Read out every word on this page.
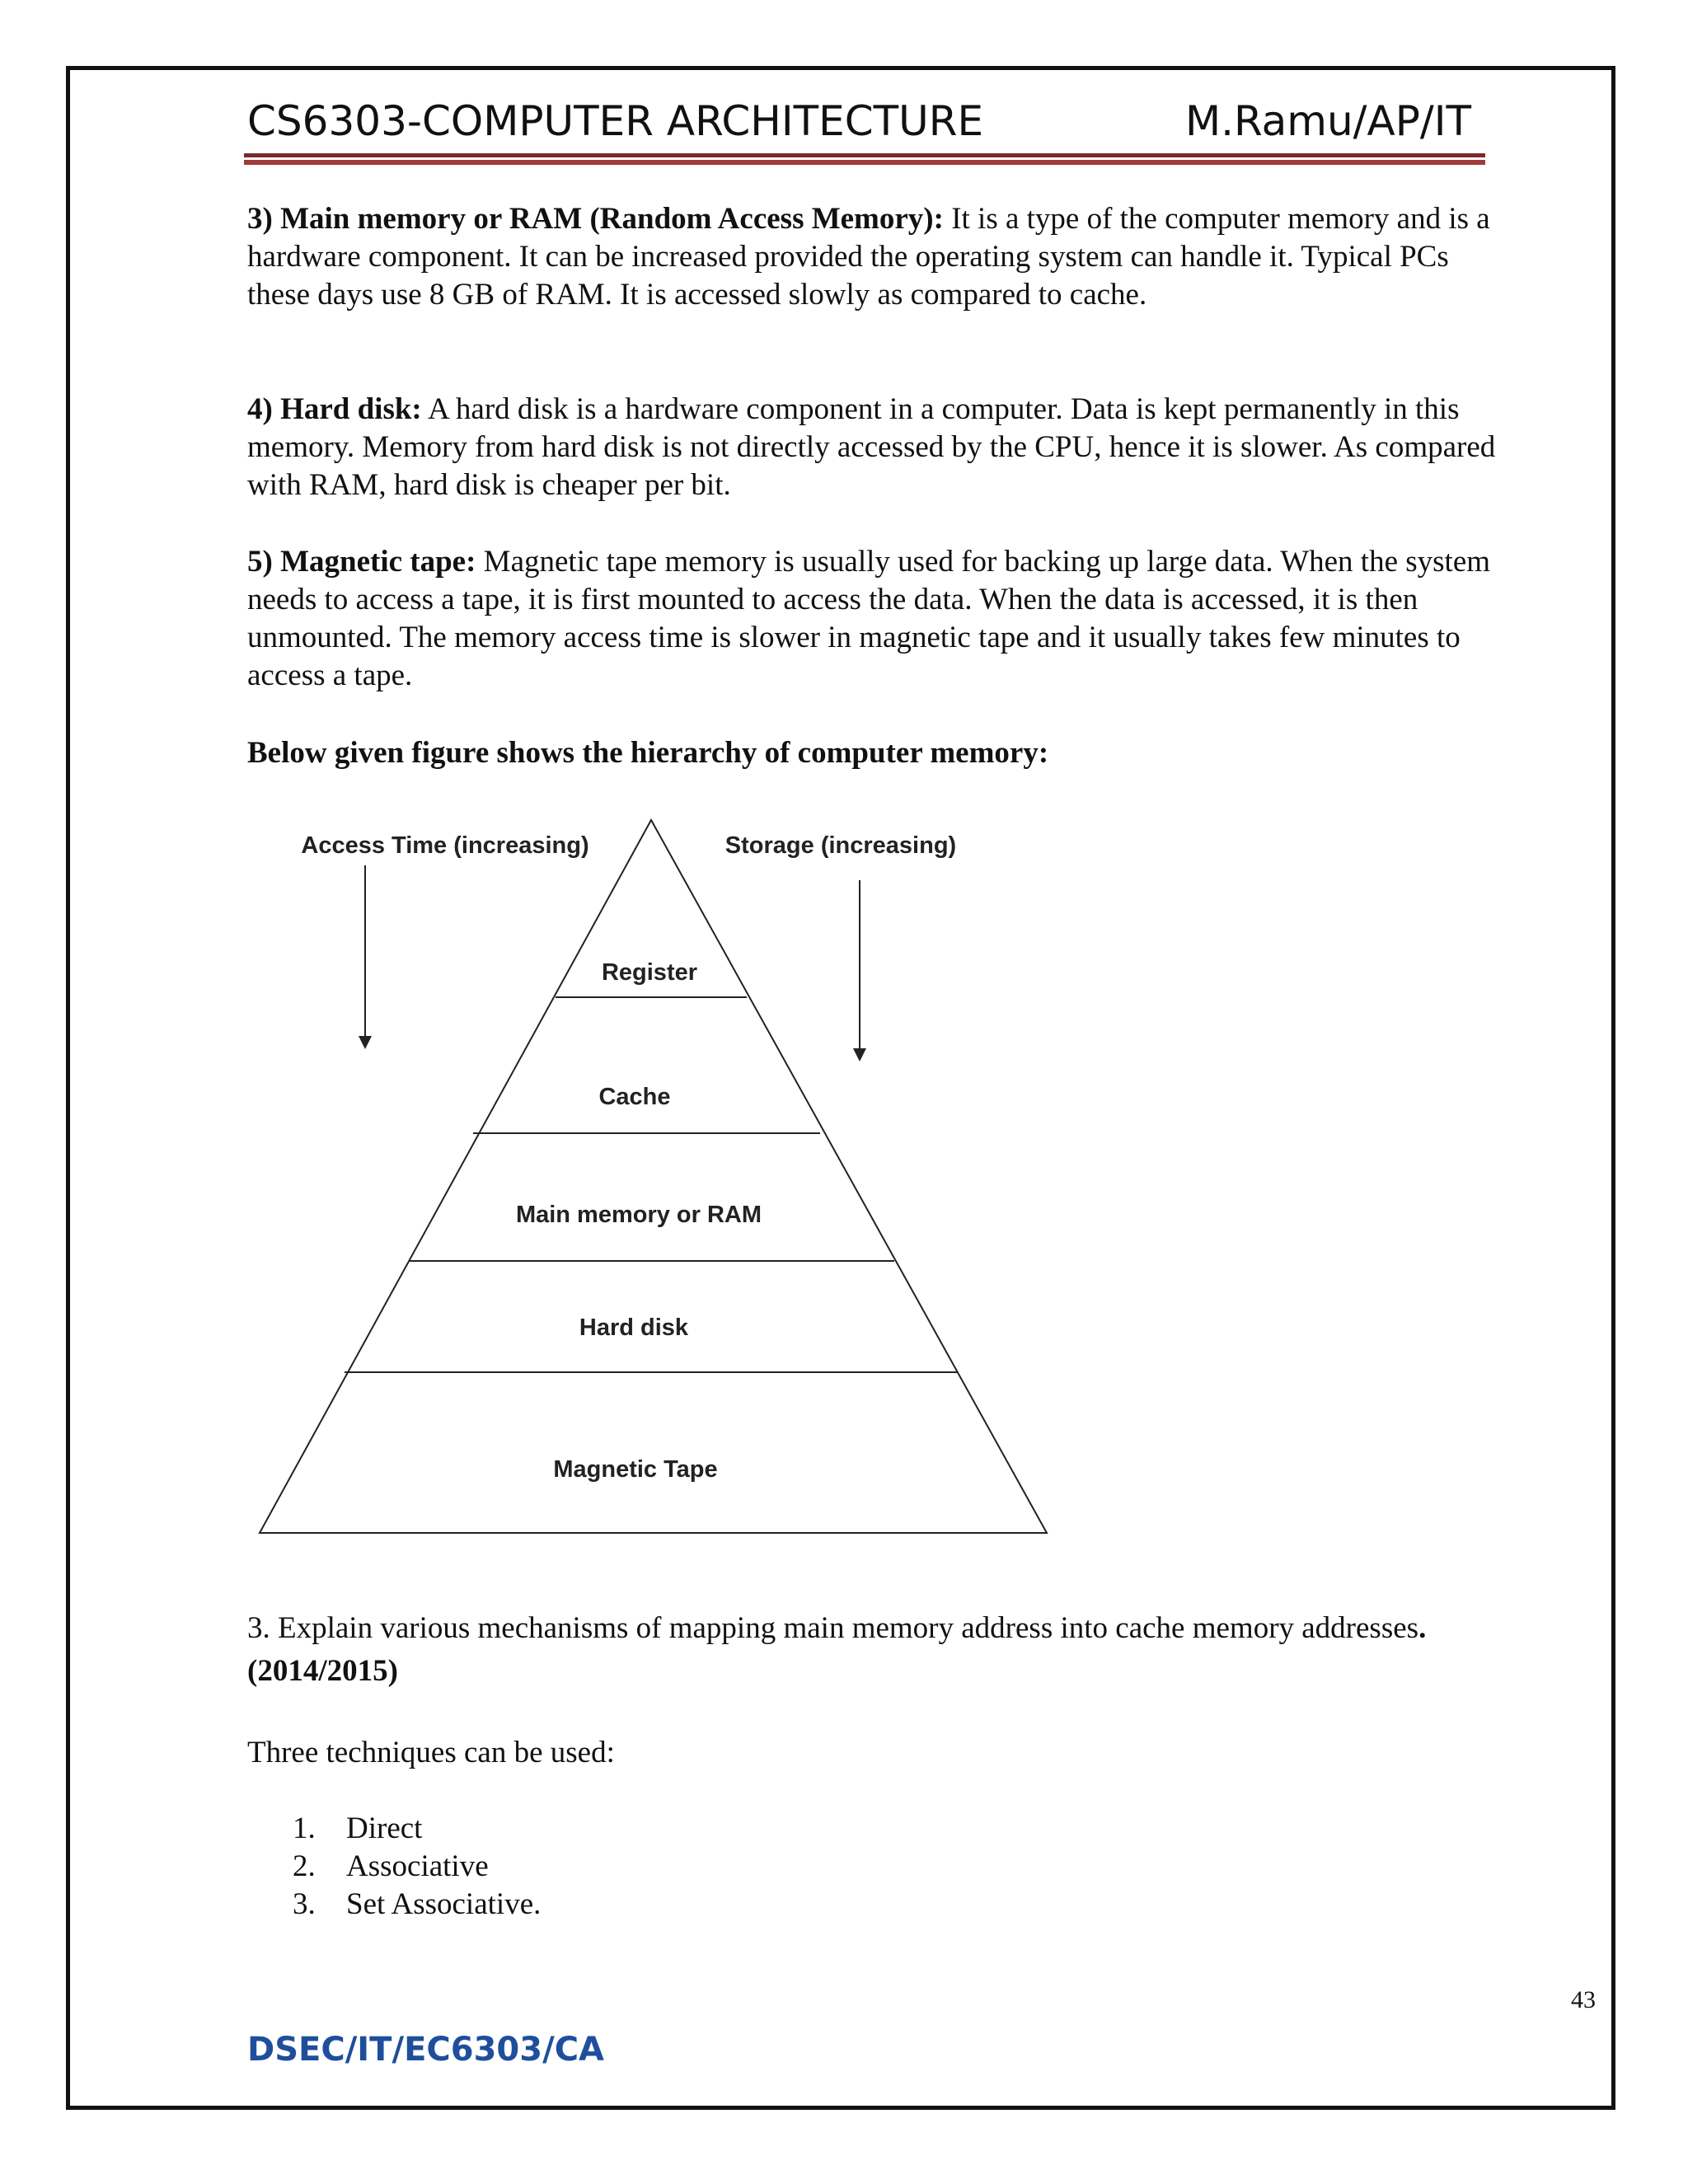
CS6303-COMPUTER ARCHITECTURE	M.Ramu/AP/IT
3) Main memory or RAM (Random Access Memory): It is a type of the computer memory and is a hardware component. It can be increased provided the operating system can handle it. Typical PCs these days use 8 GB of RAM. It is accessed slowly as compared to cache.
4) Hard disk: A hard disk is a hardware component in a computer. Data is kept permanently in this memory. Memory from hard disk is not directly accessed by the CPU, hence it is slower. As compared with RAM, hard disk is cheaper per bit.
5) Magnetic tape: Magnetic tape memory is usually used for backing up large data. When the system needs to access a tape, it is first mounted to access the data. When the data is accessed, it is then unmounted. The memory access time is slower in magnetic tape and it usually takes few minutes to access a tape.
Below given figure shows the hierarchy of computer memory:
Access Time (increasing)	Storage (increasing)
Register
Cache
Main memory or RAM
Hard disk
Magnetic Tape
3. Explain various mechanisms of mapping main memory address into cache memory addresses.(2014/2015)
Three techniques can be used:
1. Direct
2. Associative
3. Set Associative.
43
DSEC/IT/EC6303/CA
